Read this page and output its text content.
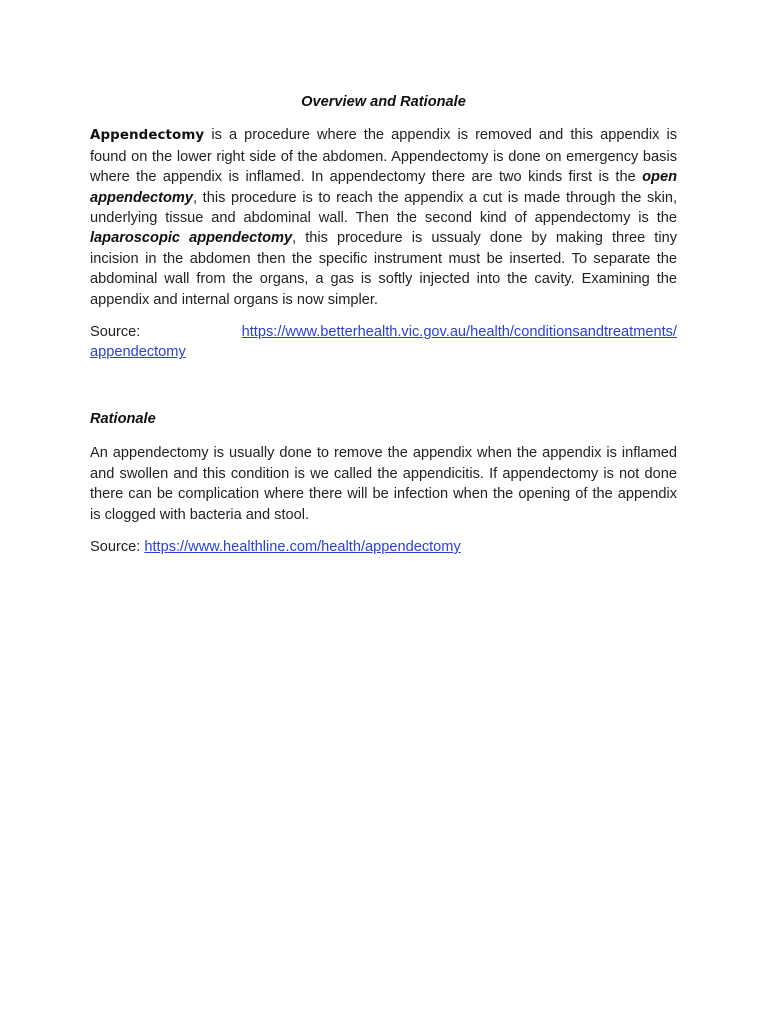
Overview and Rationale

Appendectomy is a procedure where the appendix is removed and this appendix is found on the lower right side of the abdomen. Appendectomy is done on emergency basis where the appendix is inflamed. In appendectomy there are two kinds first is the open appendectomy, this procedure is to reach the appendix a cut is made through the skin, underlying tissue and abdominal wall. Then the second kind of appendectomy is the laparoscopic appendectomy, this procedure is ussualy done by making three tiny incision in the abdomen then the specific instrument must be inserted. To separate the abdominal wall from the organs, a gas is softly injected into the cavity. Examining the appendix and internal organs is now simpler.

Source:	https://www.betterhealth.vic.gov.au/health/conditionsandtreatments/
appendectomy
Rationale

An appendectomy is usually done to remove the appendix when the appendix is inflamed and swollen and this condition is we called the appendicitis. If appendectomy is not done there can be complication where there will be infection when the opening of the appendix is clogged with bacteria and stool.

Source: https://www.healthline.com/health/appendectomy
